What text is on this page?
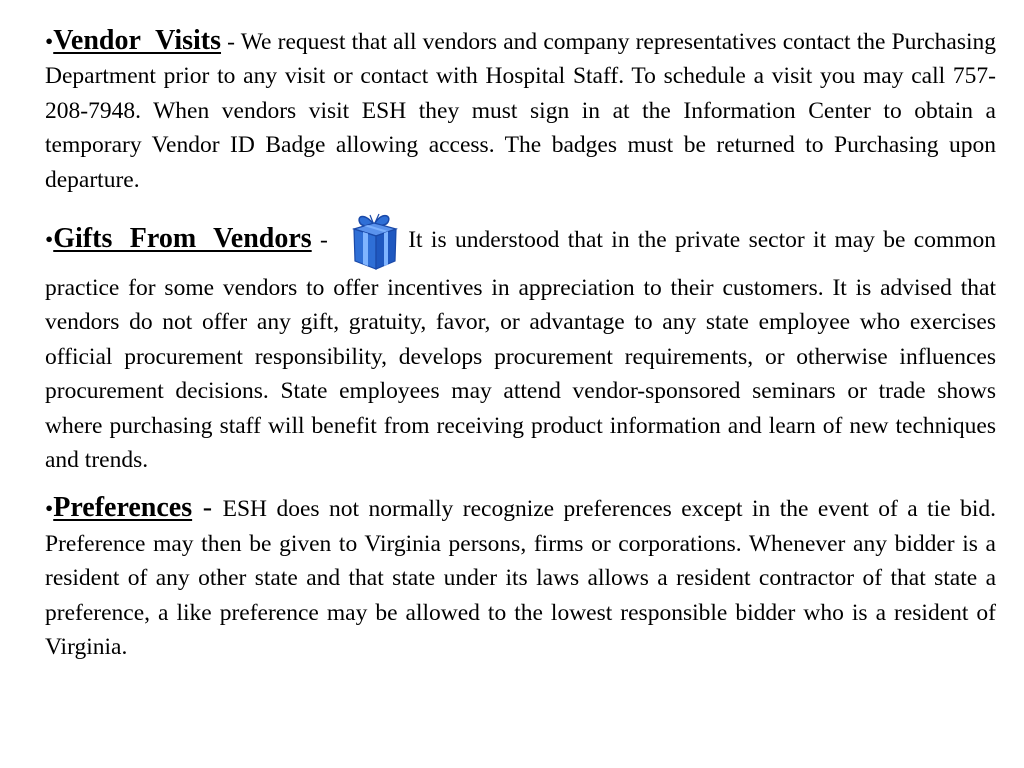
•Vendor Visits - We request that all vendors and company representatives contact the Purchasing Department prior to any visit or contact with Hospital Staff. To schedule a visit you may call 757-208-7948. When vendors visit ESH they must sign in at the Information Center to obtain a temporary Vendor ID Badge allowing access. The badges must be returned to Purchasing upon departure.

•Gifts From Vendors -	It is understood that in the private sector it may be common practice for some vendors to offer incentives in appreciation to their customers. It is advised that vendors do not offer any gift, gratuity, favor, or advantage to any state employee who exercises official procurement responsibility, develops procurement requirements, or otherwise influences procurement decisions. State employees may attend vendor-sponsored seminars or trade shows where purchasing staff will benefit from receiving product information and learn of new techniques and trends.

•Preferences - ESH does not normally recognize preferences except in the event of a tie bid. Preference may then be given to Virginia persons, firms or corporations. Whenever any bidder is a resident of any other state and that state under its laws allows a resident contractor of that state a preference, a like preference may be allowed to the lowest responsible bidder who is a resident of Virginia.
